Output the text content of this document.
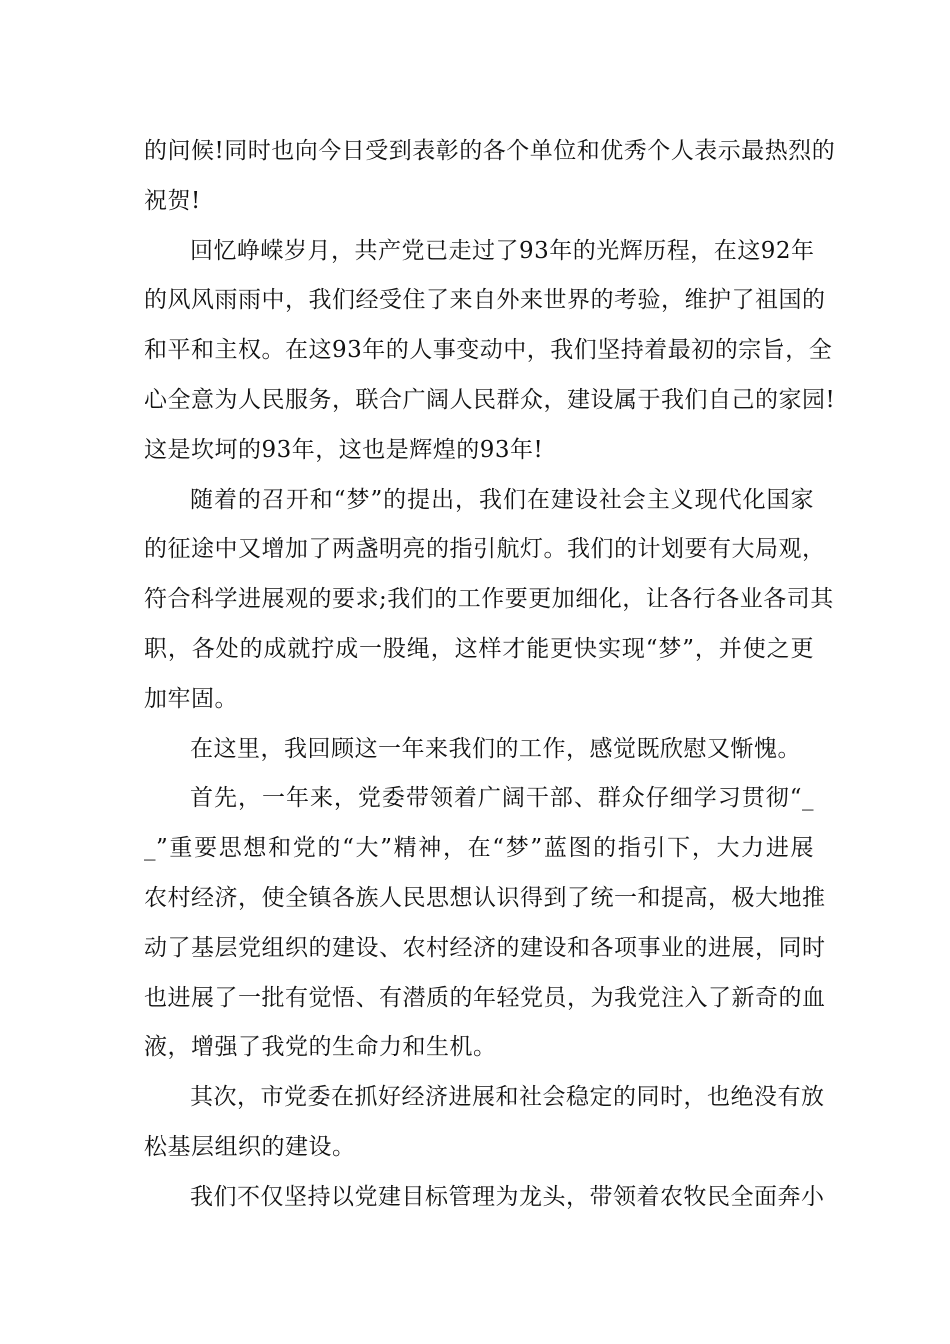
的问候!同时也向今日受到表彰的各个单位和优秀个人表示最热烈的
祝贺!
回忆峥嵘岁月，共产党已走过了93年的光辉历程，在这92年
的风风雨雨中，我们经受住了来自外来世界的考验，维护了祖国的
和平和主权。在这93年的人事变动中，我们坚持着最初的宗旨，全
心全意为人民服务，联合广阔人民群众，建设属于我们自己的家园!
这是坎坷的93年，这也是辉煌的93年!
随着的召开和“梦”的提出，我们在建设社会主义现代化国家
的征途中又增加了两盏明亮的指引航灯。我们的计划要有大局观，
符合科学进展观的要求;我们的工作要更加细化，让各行各业各司其
职，各处的成就拧成一股绳，这样才能更快实现“梦”，并使之更
加牢固。
在这里，我回顾这一年来我们的工作，感觉既欣慰又惭愧。
首先，一年来，党委带领着广阔干部、群众仔细学习贯彻“_
_”重要思想和党的“大”精神，在“梦”蓝图的指引下，大力进展
农村经济，使全镇各族人民思想认识得到了统一和提高，极大地推
动了基层党组织的建设、农村经济的建设和各项事业的进展，同时
也进展了一批有觉悟、有潜质的年轻党员，为我党注入了新奇的血
液，增强了我党的生命力和生机。
其次，市党委在抓好经济进展和社会稳定的同时，也绝没有放
松基层组织的建设。
我们不仅坚持以党建目标管理为龙头，带领着农牧民全面奔小
